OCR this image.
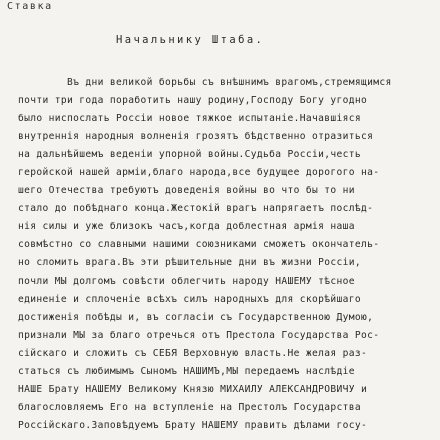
Ставка
Начальнику Штаба.
Въ дни великой борьбы съ внѣшнимъ врагомъ,стремящимся
почти три года поработить нашу родину,Господу Богу угодно
было ниспослать Россіи новое тяжкое испытаніе.Начавшіяся
внутреннія народныя волненія грозятъ бѣдственно отразиться
на дальнѣйшемъ веденіи упорной войны.Судьба Россіи,честь
геройской нашей арміи,благо народа,все будущее дорогого на-
шего Отечества требуютъ доведенія войны во что бы то ни
стало до побѣднаго конца.Жестокій врагъ напрягаетъ послѣд-
нія силы и уже близокъ часъ,когда доблестная армія наша
совмѣстно со славными нашими союзниками сможетъ окончатель-
но сломить врага.Въ эти рѣшительные дни въ жизни Россіи,
почли МЫ долгомъ совѣсти облегчить народу НАШЕМУ тѣсное
единеніе и сплоченіе всѣхъ силъ народныхъ для скорѣйшаго
достиженія побѣды и, въ согласіи съ Государственною Думою,
признали МЫ за благо отречься отъ Престола Государства Рос-
сійскаго и сложить съ СЕБЯ Верховную власть.Не желая раз-
статься съ любимымъ Сыномъ НАШИМЪ,МЫ передаемъ наслѣдіе
НАШЕ Брату НАШЕМУ Великому Князю МИХАИЛУ АЛЕКСАНДРОВИЧУ и
благословляемъ Его на вступленіе на Престолъ Государства
Россійскаго.Заповѣдуемъ Брату НАШЕМУ править дѣлами госу-
